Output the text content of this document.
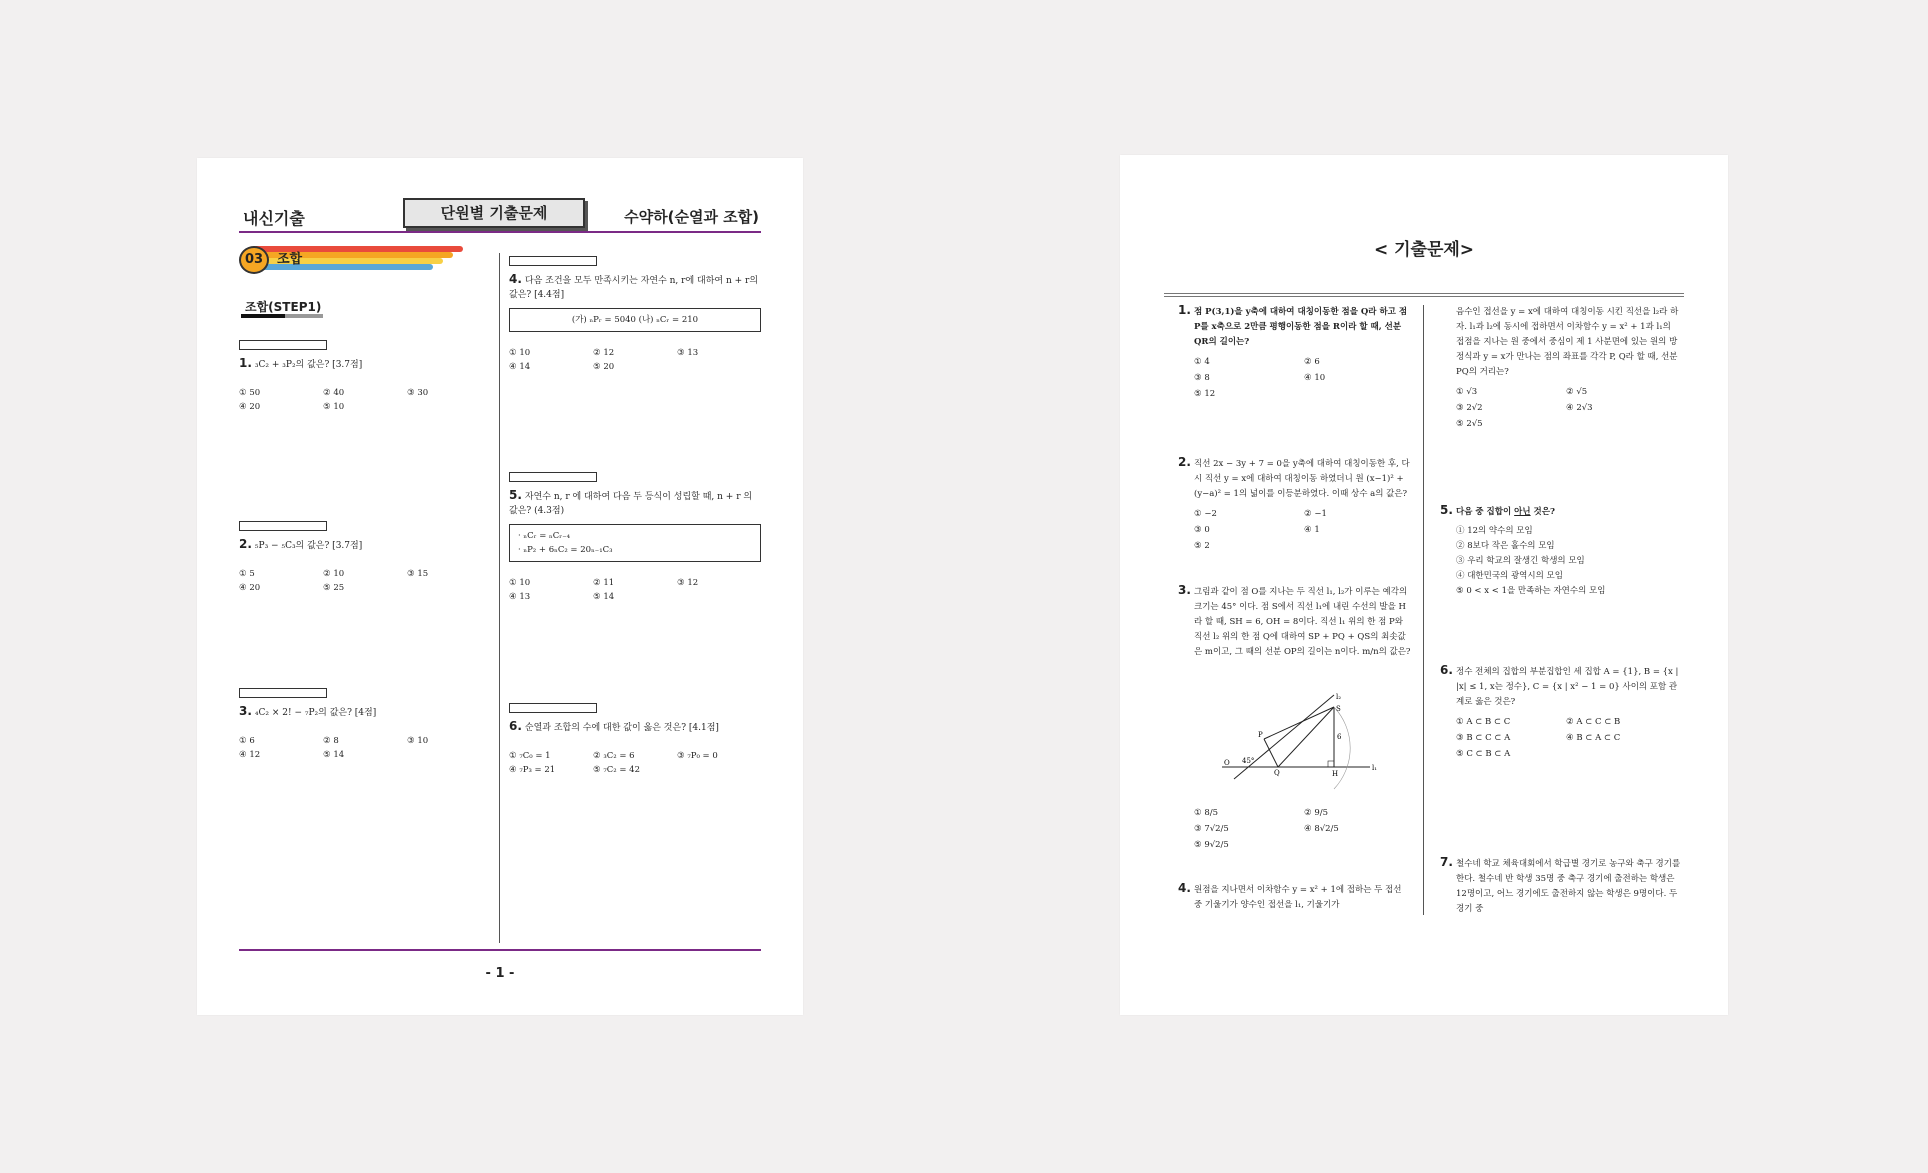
내신기출	단원별 기출문제	수약하(순열과 조합)
03	조합
조합(STEP1)
1. ₃C₂ + ₃P₂의 값은? [3.7점]
① 50	② 40	③ 30
④ 20	⑤ 10
2. ₅P₃ − ₅C₃의 값은? [3.7점]
① 5	② 10	③ 15
④ 20	⑤ 25
3. ₄C₂ × 2! − ₇P₂의 값은? [4점]
① 6	② 8	③ 10
④ 12	⑤ 14
4. 다음 조건을 모두 만족시키는 자연수 n, r에 대하여 n + r의 값은? [4.4점]
(가) ₙPᵣ = 5040 (나) ₙCᵣ = 210
① 10	② 12	③ 13
④ 14	⑤ 20
5. 자연수 n, r 에 대하여 다음 두 등식이 성립할 때, n + r 의 값은? (4.3점)
· ₙCᵣ = ₙCᵣ₋₄
· ₙP₂ + 6ₙC₂ = 20ₙ₋₁C₃
① 10	② 11	③ 12
④ 13	⑤ 14
6. 순열과 조합의 수에 대한 값이 옳은 것은? [4.1점]
① ₇C₀ = 1	② ₃C₂ = 6	③ ₇P₀ = 0
④ ₇P₃ = 21	⑤ ₇C₂ = 42
- 1 -
< 기출문제>
1. 점 P(3,1)을 y축에 대하여 대칭이동한 점을 Q라 하고 점 P를 x축으로 2만큼 평행이동한 점을 R이라 할 때, 선분 QR의 길이는?
① 4	② 6
③ 8	④ 10
⑤ 12
2. 직선 2x − 3y + 7 = 0을 y축에 대하여 대칭이동한 후, 다시 직선 y = x에 대하여 대칭이동 하였더니 원 (x−1)² + (y−a)² = 1의 넓이를 이등분하였다. 이때 상수 a의 값은?
① −2	② −1
③ 0	④ 1
⑤ 2
3. 그림과 같이 점 O를 지나는 두 직선 l₁, l₂가 이루는 예각의 크기는 45° 이다. 점 S에서 직선 l₁에 내린 수선의 발을 H라 할 때, SH = 6, OH = 8이다. 직선 l₁ 위의 한 점 P와 직선 l₂ 위의 한 점 Q에 대하여 SP + PQ + QS의 최솟값은 m이고, 그 때의 선분 OP의 길이는 n이다. m/n의 값은?
l₂
l₁
S
O
P
Q	H
45°
6
① 8/5	② 9/5
③ 7√2/5	④ 8√2/5
⑤ 9√2/5
4. 원점을 지나면서 이차함수 y = x² + 1에 접하는 두 접선 중 기울기가 양수인 접선을 l₁, 기울기가
음수인 접선을 y = x에 대하여 대칭이동 시킨 직선을 l₂라 하자. l₁과 l₂에 동시에 접하면서 이차함수 y = x² + 1과 l₁의 접점을 지나는 원 중에서 중심이 제 1 사분면에 있는 원의 방정식과 y = x가 만나는 점의 좌표를 각각 P, Q라 할 때, 선분 PQ의 거리는?
① √3	② √5
③ 2√2	④ 2√3
⑤ 2√5
5. 다음 중 집합이 아닌 것은?
① 12의 약수의 모임
② 8보다 작은 홀수의 모임
③ 우리 학교의 잘생긴 학생의 모임
④ 대한민국의 광역시의 모임
⑤ 0 < x < 1을 만족하는 자연수의 모임
6. 정수 전체의 집합의 부분집합인 세 집합 A = {1}, B = {x | |x| ≤ 1, x는 정수}, C = {x | x² − 1 = 0} 사이의 포함 관계로 옳은 것은?
① A ⊂ B ⊂ C	② A ⊂ C ⊂ B
③ B ⊂ C ⊂ A	④ B ⊂ A ⊂ C
⑤ C ⊂ B ⊂ A
7. 철수네 학교 체육대회에서 학급별 경기로 농구와 축구 경기를 한다. 철수네 반 학생 35명 중 축구 경기에 출전하는 학생은 12명이고, 어느 경기에도 출전하지 않는 학생은 9명이다. 두 경기 중
